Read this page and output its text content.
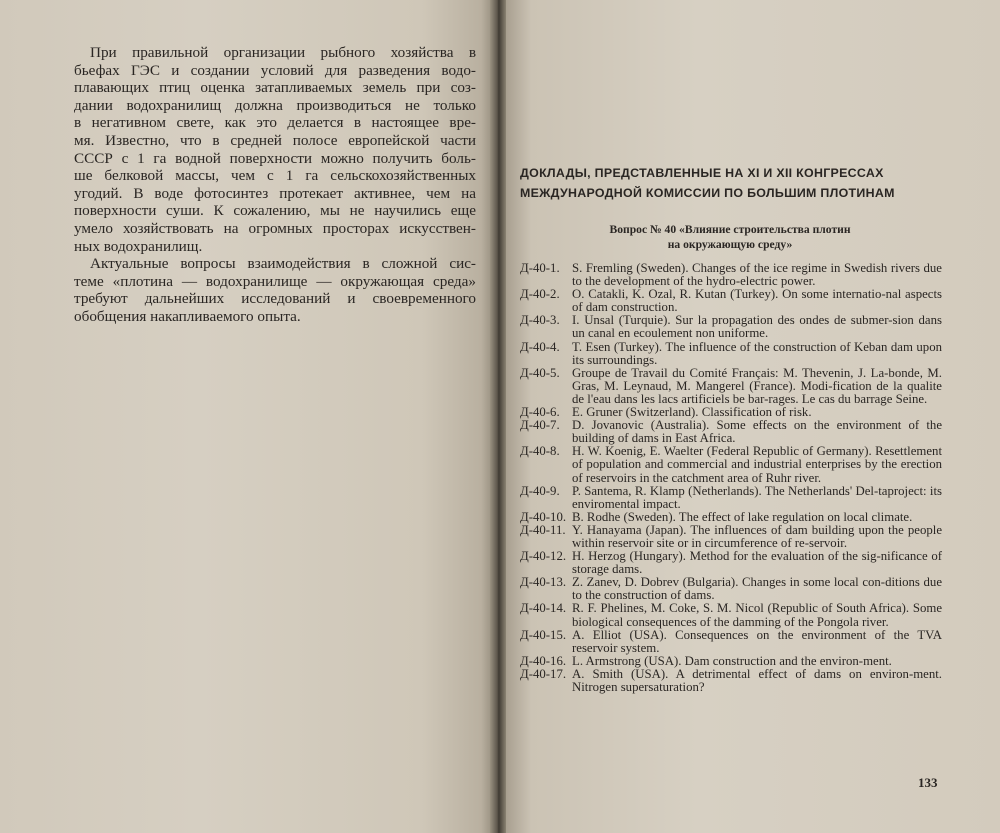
При правильной организации рыбного хозяйства в
бьефах ГЭС и создании условий для разведения водо-
плавающих птиц оценка затапливаемых земель при соз-
дании водохранилищ должна производиться не только
в негативном свете, как это делается в настоящее вре-
мя. Известно, что в средней полосе европейской части
СССР с 1 га водной поверхности можно получить боль-
ше белковой массы, чем с 1 га сельскохозяйственных
угодий. В воде фотосинтез протекает активнее, чем на
поверхности суши. К сожалению, мы не научились еще
умело хозяйствовать на огромных просторах искусствен-
ных водохранилищ.

Актуальные вопросы взаимодействия в сложной сис-
теме «плотина — водохранилище — окружающая среда»
требуют дальнейших исследований и своевременного
обобщения накапливаемого опыта.

ДОКЛАДЫ, ПРЕДСТАВЛЕННЫЕ НА XI И XII КОНГРЕССАХ
МЕЖДУНАРОДНОЙ КОМИССИИ ПО БОЛЬШИМ ПЛОТИНАМ
Вопрос № 40 «Влияние строительства плотин
на окружающую среду»
Д-40-1. S. Fremling (Sweden). Changes of the ice regime in Swedish rivers due to the development of the hydro-electric power.
Д-40-2. O. Catakli, K. Ozal, R. Kutan (Turkey). On some internatio-nal aspects of dam construction.
Д-40-3. I. Unsal (Turquie). Sur la propagation des ondes de submer-sion dans un canal en ecoulement non uniforme.
Д-40-4. T. Esen (Turkey). The influence of the construction of Keban dam upon its surroundings.
Д-40-5. Groupe de Travail du Comité Français: M. Thevenin, J. La-bonde, M. Gras, M. Leynaud, M. Mangerel (France). Modi-fication de la qualite de l'eau dans les lacs artificiels be bar-rages. Le cas du barrage Seine.
Д-40-6. E. Gruner (Switzerland). Classification of risk.
Д-40-7. D. Jovanovic (Australia). Some effects on the environment of the building of dams in East Africa.
Д-40-8. H. W. Koenig, E. Waelter (Federal Republic of Germany). Resettlement of population and commercial and industrial enterprises by the erection of reservoirs in the catchment area of Ruhr river.
Д-40-9. P. Santema, R. Klamp (Netherlands). The Netherlands' Del-taproject: its enviromental impact.
Д-40-10. B. Rodhe (Sweden). The effect of lake regulation on local climate.
Д-40-11. Y. Hanayama (Japan). The influences of dam building upon the people within reservoir site or in circumference of re-servoir.
Д-40-12. H. Herzog (Hungary). Method for the evaluation of the sig-nificance of storage dams.
Д-40-13. Z. Zanev, D. Dobrev (Bulgaria). Changes in some local con-ditions due to the construction of dams.
Д-40-14. R. F. Phelines, M. Coke, S. M. Nicol (Republic of South Africa). Some biological consequences of the damming of the Pongola river.
Д-40-15. A. Elliot (USA). Consequences on the environment of the TVA reservoir system.
Д-40-16. L. Armstrong (USA). Dam construction and the environ-ment.
Д-40-17. A. Smith (USA). A detrimental effect of dams on environ-ment. Nitrogen supersaturation?
133
